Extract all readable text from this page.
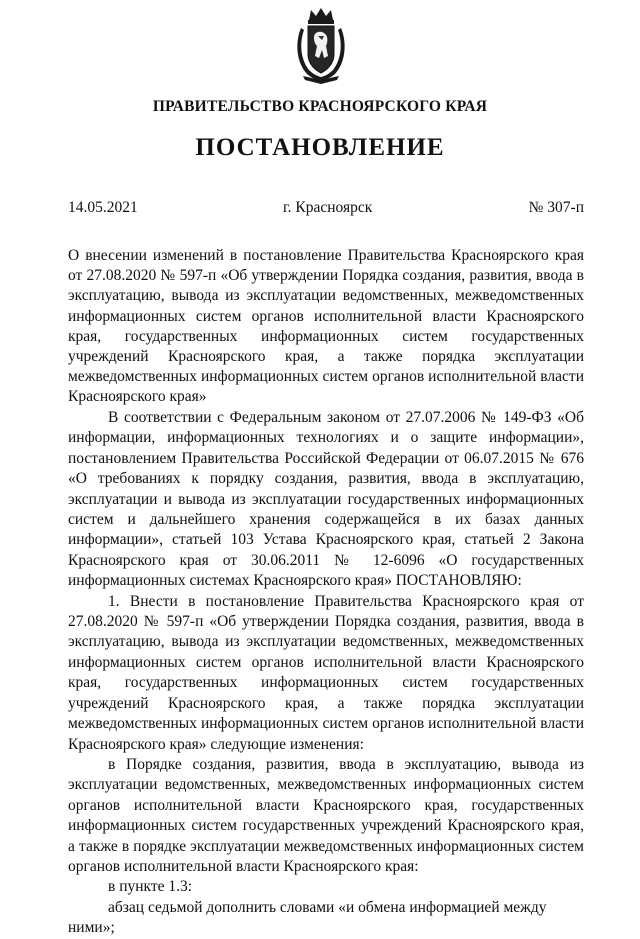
ПРАВИТЕЛЬСТВО КРАСНОЯРСКОГО КРАЯ
ПОСТАНОВЛЕНИЕ
14.05.2021	г. Красноярск	№ 307-п
О внесении изменений в постановление Правительства Красноярского края от 27.08.2020 № 597-п «Об утверждении Порядка создания, развития, ввода в эксплуатацию, вывода из эксплуатации ведомственных, межведомственных информационных систем органов исполнительной власти Красноярского края, государственных информационных систем государственных учреждений Красноярского края, а также порядка эксплуатации межведомственных информационных систем органов исполнительной власти Красноярского края»

В соответствии с Федеральным законом от 27.07.2006 № 149-ФЗ «Об информации, информационных технологиях и о защите информации», постановлением Правительства Российской Федерации от 06.07.2015 № 676 «О требованиях к порядку создания, развития, ввода в эксплуатацию, эксплуатации и вывода из эксплуатации государственных информационных систем и дальнейшего хранения содержащейся в их базах данных информации», статьей 103 Устава Красноярского края, статьей 2 Закона Красноярского края от 30.06.2011 № 12-6096 «О государственных информационных системах Красноярского края» ПОСТАНОВЛЯЮ:

1. Внести в постановление Правительства Красноярского края от 27.08.2020 № 597-п «Об утверждении Порядка создания, развития, ввода в эксплуатацию, вывода из эксплуатации ведомственных, межведомственных информационных систем органов исполнительной власти Красноярского края, государственных информационных систем государственных учреждений Красноярского края, а также порядка эксплуатации межведомственных информационных систем органов исполнительной власти Красноярского края» следующие изменения:

в Порядке создания, развития, ввода в эксплуатацию, вывода из эксплуатации ведомственных, межведомственных информационных систем органов исполнительной власти Красноярского края, государственных информационных систем государственных учреждений Красноярского края, а также в порядке эксплуатации межведомственных информационных систем органов исполнительной власти Красноярского края:

в пункте 1.3:

абзац седьмой дополнить словами «и обмена информацией между ними»;
